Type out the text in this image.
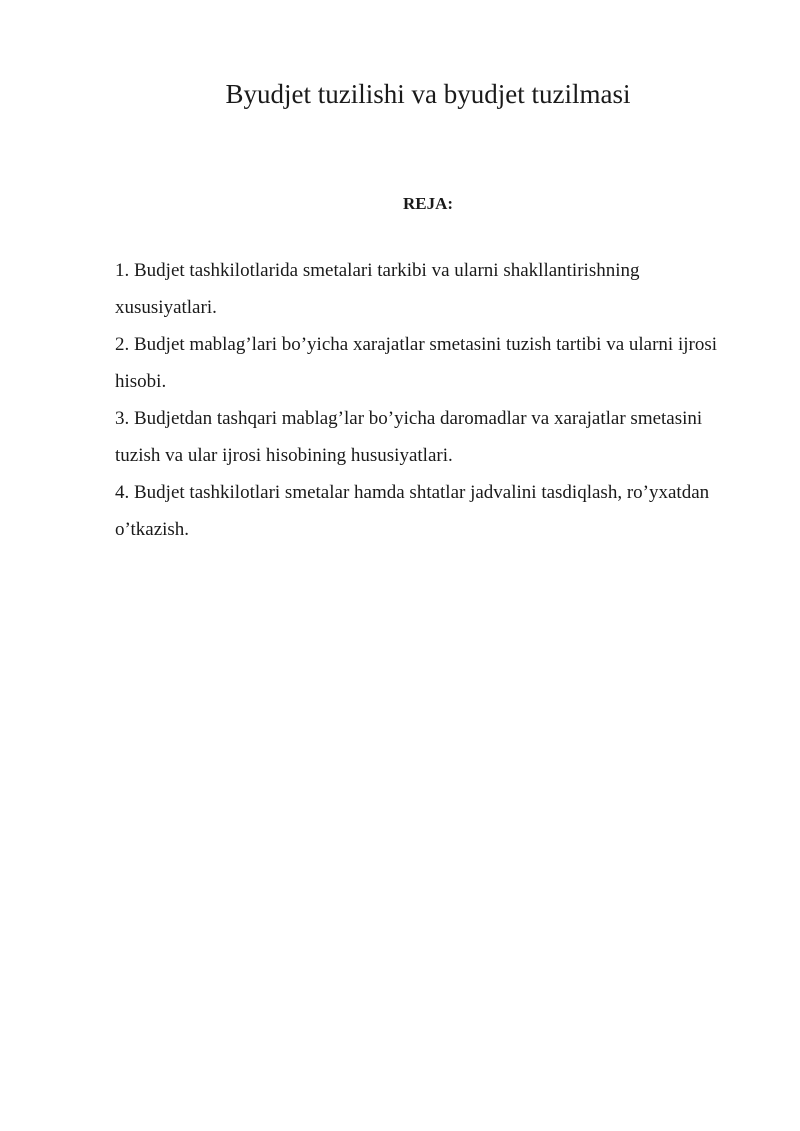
Byudjet tuzilishi va byudjet tuzilmasi
REJA:
1. Budjet tashkilotlarida smetalari tarkibi va ularni shakllantirishning xususiyatlari.
2. Budjet mablag’lari bo’yicha xarajatlar smetasini tuzish tartibi va ularni ijrosi hisobi.
3. Budjetdan tashqari mablag’lar bo’yicha daromadlar va xarajatlar smetasini tuzish va ular ijrosi hisobining hususiyatlari.
4. Budjet tashkilotlari smetalar hamda shtatlar jadvalini tasdiqlash, ro’yxatdan o’tkazish.
